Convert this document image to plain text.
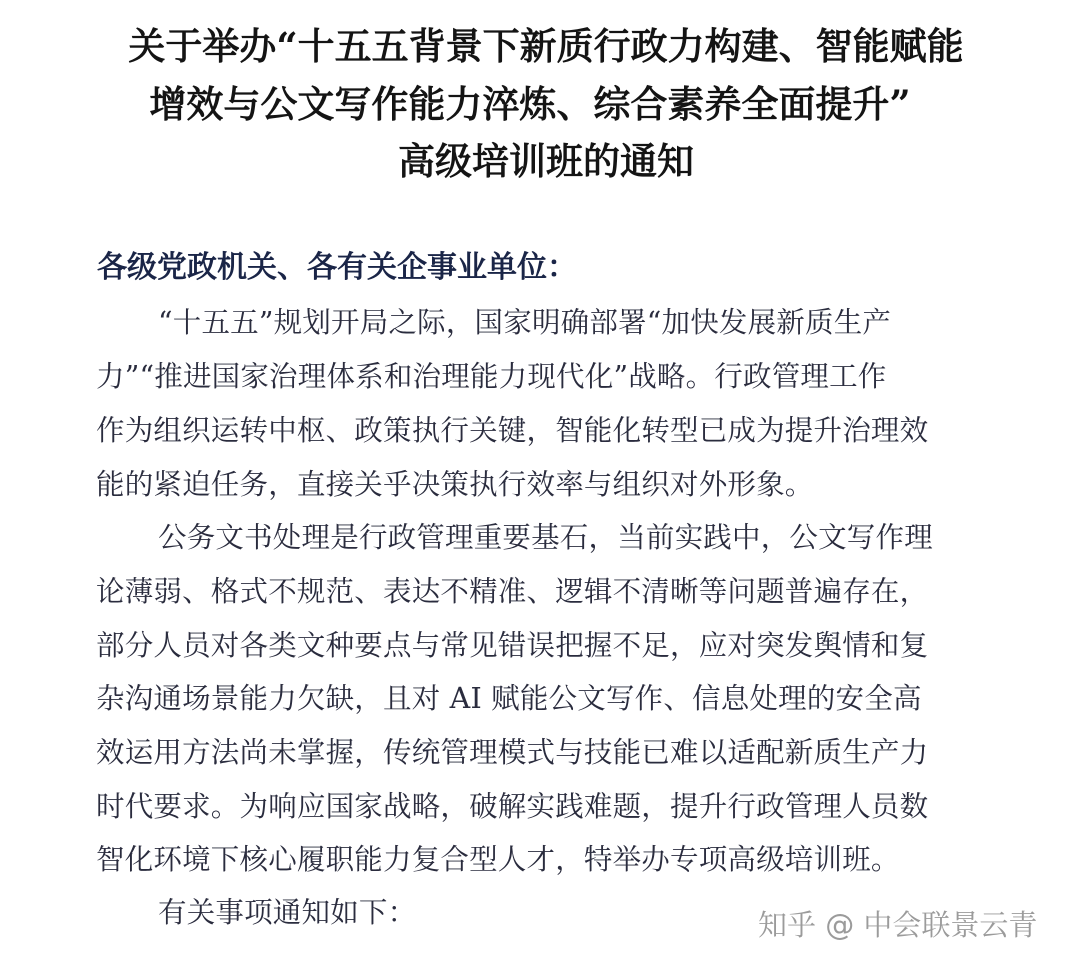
关于举办“十五五背景下新质行政力构建、智能赋能
增效与公文写作能力淬炼、综合素养全面提升”
高级培训班的通知
各级党政机关、各有关企事业单位：
“十五五”规划开局之际，国家明确部署“加快发展新质生产
力”“推进国家治理体系和治理能力现代化”战略。行政管理工作
作为组织运转中枢、政策执行关键，智能化转型已成为提升治理效
能的紧迫任务，直接关乎决策执行效率与组织对外形象。
公务文书处理是行政管理重要基石，当前实践中，公文写作理
论薄弱、格式不规范、表达不精准、逻辑不清晰等问题普遍存在，
部分人员对各类文种要点与常见错误把握不足，应对突发舆情和复
杂沟通场景能力欠缺，且对 AI 赋能公文写作、信息处理的安全高
效运用方法尚未掌握，传统管理模式与技能已难以适配新质生产力
时代要求。为响应国家战略，破解实践难题，提升行政管理人员数
智化环境下核心履职能力复合型人才，特举办专项高级培训班。
有关事项通知如下：	知乎 @ 中会联景云青
